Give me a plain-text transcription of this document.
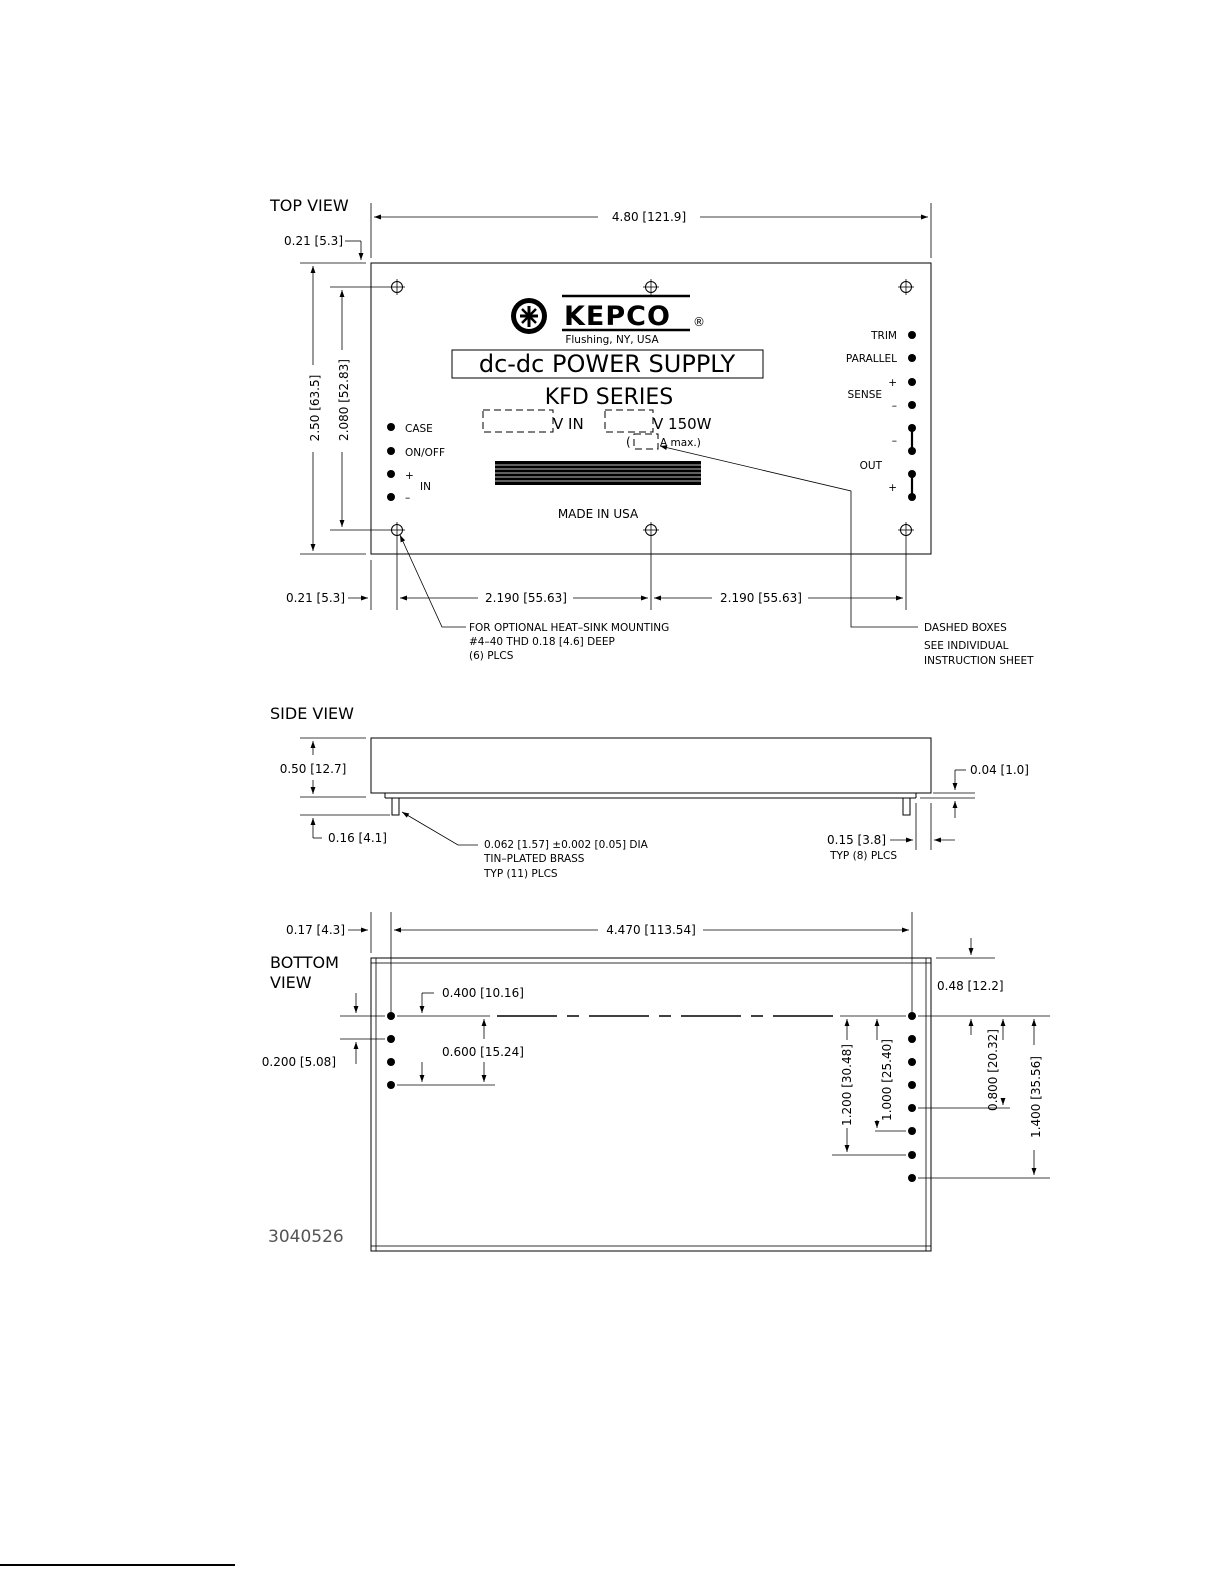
TOP VIEW
4.80 [121.9]
0.21 [5.3]
2.50 [63.5] 2.080 [52.83]
KEPCO ®
Flushing, NY, USA
dc-dc POWER SUPPLY
KFD SERIES
V IN	V 150W
(	A max.)
MADE IN USA
CASE
ON/OFF
+
IN
–
TRIM
PARALLEL
+
SENSE
–
–
OUT
+
DASHED BOXES
SEE INDIVIDUAL
INSTRUCTION SHEET
0.21 [5.3]	2.190 [55.63]	2.190 [55.63]
FOR OPTIONAL HEAT–SINK MOUNTING
#4–40 THD 0.18 [4.6] DEEP
(6) PLCS
SIDE VIEW
0.50 [12.7]
0.16 [4.1]	0.062 [1.57] ±0.002 [0.05] DIA
TIN–PLATED BRASS
TYP (11) PLCS
0.04 [1.0]
0.15 [3.8]
TYP (8) PLCS
BOTTOM
VIEW
0.17 [4.3]	4.470 [113.54]
0.48 [12.2]
0.400 [10.16]
0.200 [5.08]
0.600 [15.24]	1.200 [30.48] 1.000 [25.40]	0.800 [20.32] 1.400 [35.56]
3040526
